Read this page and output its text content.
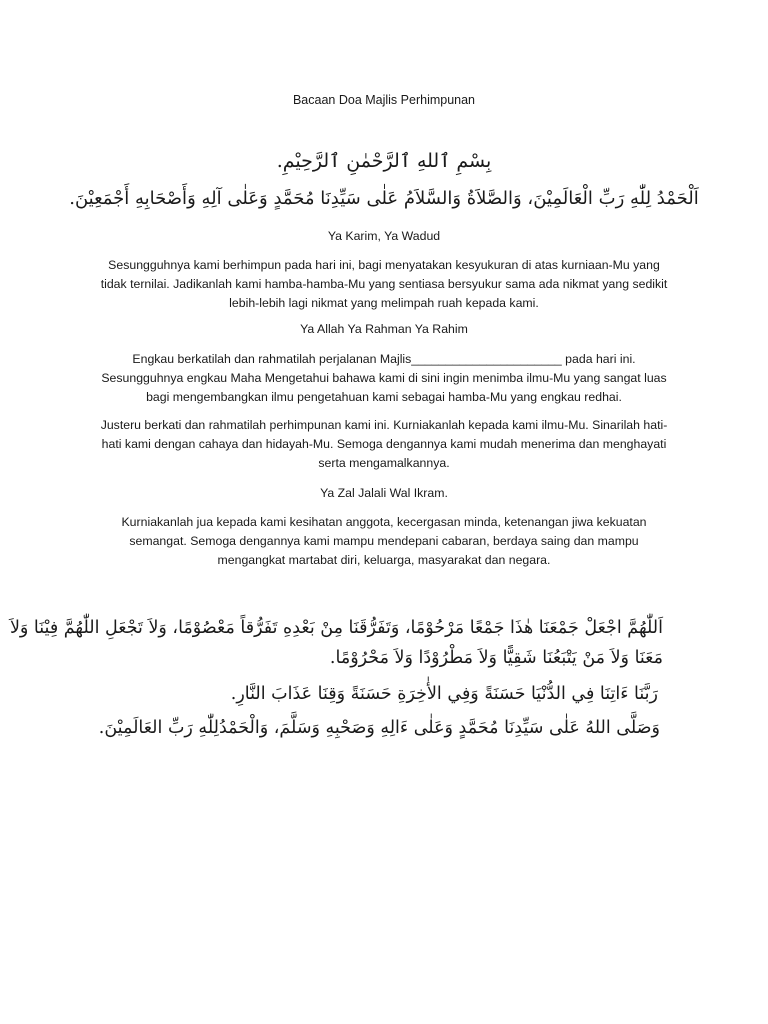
Bacaan Doa Majlis Perhimpunan
بِسْمِ ٱللهِ ٱلرَّحْمٰنِ ٱلرَّحِيْمِ.
اَلْحَمْدُ لِلّٰهِ رَبِّ الْعَالَمِيْنَ، وَالصَّلاَةُ وَالسَّلاَمُ عَلٰى سَيِّدِنَا مُحَمَّدٍ وَعَلٰى آلِهِ وَأَصْحَابِهِ أَجْمَعِيْنَ.
Ya Karim, Ya Wadud
Sesungguhnya kami berhimpun pada hari ini, bagi menyatakan kesyukuran di atas kurniaan-Mu yang
tidak ternilai. Jadikanlah kami hamba-hamba-Mu yang sentiasa bersyukur sama ada nikmat yang sedikit
lebih-lebih lagi nikmat yang melimpah ruah kepada kami.
Ya Allah Ya Rahman Ya Rahim
Engkau berkatilah dan rahmatilah perjalanan Majlis______________________ pada hari ini.
Sesungguhnya engkau Maha Mengetahui bahawa kami di sini ingin menimba ilmu-Mu yang sangat luas
bagi mengembangkan ilmu pengetahuan kami sebagai hamba-Mu yang engkau redhai.
Justeru berkati dan rahmatilah perhimpunan kami ini. Kurniakanlah kepada kami ilmu-Mu. Sinarilah hati-
hati kami dengan cahaya dan hidayah-Mu. Semoga dengannya kami mudah menerima dan menghayati
serta mengamalkannya.
Ya Zal Jalali Wal Ikram.
Kurniakanlah jua kepada kami kesihatan anggota, kecergasan minda, ketenangan jiwa kekuatan
semangat. Semoga dengannya kami mampu mendepani cabaran, berdaya saing dan mampu
mengangkat martabat diri, keluarga, masyarakat dan negara.
اَللّٰهُمَّ اجْعَلْ جَمْعَنَا هٰذَا جَمْعًا مَرْحُوْمًا، وَتَفَرُّقَنَا مِنْ بَعْدِهِ تَفَرُّقاً مَعْصُوْمًا، وَلاَ تَجْعَلِ اللّٰهُمَّ فِيْنَا وَلاَ
مَعَنَا وَلاَ مَنْ يَتْبَعُنَا شَقِيًّا وَلاَ مَطْرُوْدًا وَلاَ مَحْرُوْمًا.
رَبَّنَا ءَاتِنَا فِي الدُّنْيَا حَسَنَةً وَفِي الأٰخِرَةِ حَسَنَةً وَقِنَا عَذَابَ النَّارِ.
وَصَلَّى اللهُ عَلٰى سَيِّدِنَا مُحَمَّدٍ وَعَلٰى ءَالِهِ وَصَحْبِهِ وَسَلَّمَ، وَالْحَمْدُلِلّٰهِ رَبِّ العَالَمِيْنَ.
